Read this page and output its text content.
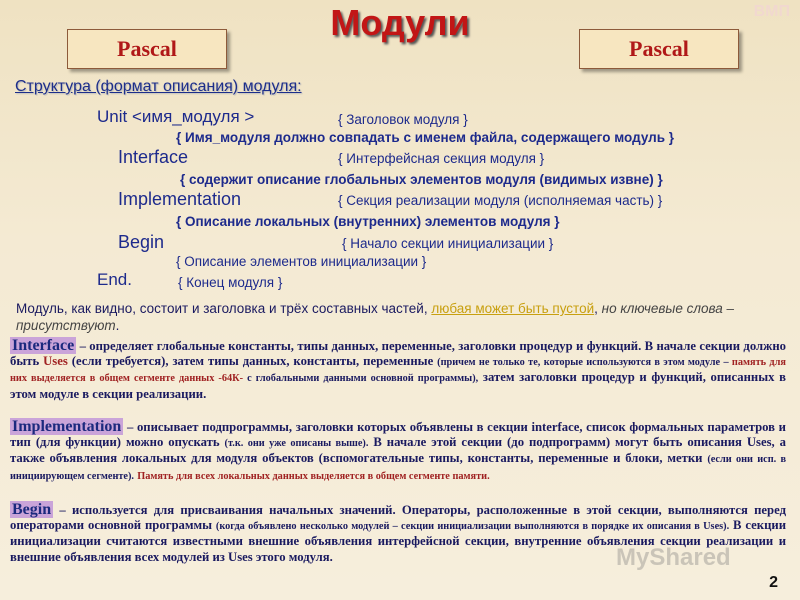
Модули	ВМП
Pascal	Pascal
Структура (формат описания) модуля:
Unit <имя_модуля >	{ Заголовок модуля }
{ Имя_модуля должно совпадать с именем файла, содержащего модуль }
Interface	{ Интерфейсная секция модуля }
{ содержит описание глобальных элементов модуля (видимых извне) }
Implementation	{ Секция реализации модуля (исполняемая часть) }
{ Описание локальных (внутренних) элементов модуля }
Begin	{ Начало секции инициализации }
{ Описание элементов инициализации }
End.	{ Конец модуля }
Модуль, как видно, состоит и заголовка и трёх составных частей, любая может быть пустой, но ключевые слова – присутствуют.
Interface – определяет глобальные константы, типы данных, переменные, заголовки процедур и функций. В начале секции должно быть Uses (если требуется), затем типы данных, константы, переменные (причем не только те, которые используются в этом модуле – память для них выделяется в общем сегменте данных -64К- с глобальными данными основной программы), затем заголовки процедур и функций, описанных в этом модуле в секции реализации.
Implementation – описывает подпрограммы, заголовки которых объявлены в секции interface, список формальных параметров и тип (для функции) можно опускать (т.к. они уже описаны выше). В начале этой секции (до подпрограмм) могут быть описания Uses, а также объявления локальных для модуля объектов (вспомогательные типы, константы, переменные и блоки, метки (если они исп. в инициирующем сегменте). Память для всех локальных данных выделяется в общем сегменте памяти.
Begin – используется для присваивания начальных значений. Операторы, расположенные в этой секции, выполняются перед операторами основной программы (когда объявлено несколько модулей – секции инициализации выполняются в порядке их описания в Uses). В секции инициализации считаются известными внешние объявления интерфейсной секции, внутренние объявления секции реализации и внешние объявления всех модулей из Uses этого модуля.	MyShared
2
